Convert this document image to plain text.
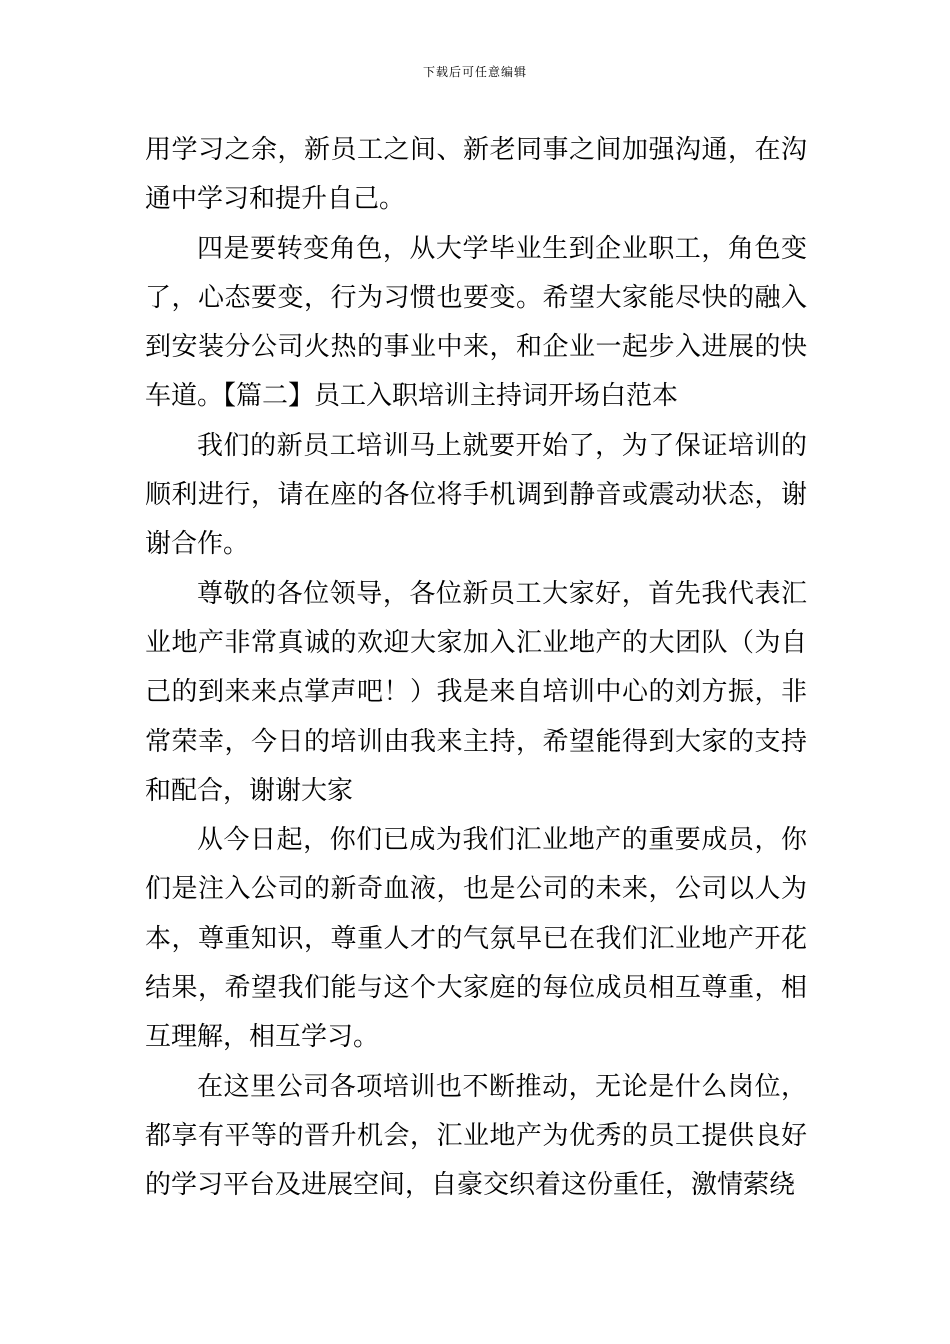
下载后可任意编辑

用学习之余，新员工之间、新老同事之间加强沟通，在沟通中学习和提升自己。

四是要转变角色，从大学毕业生到企业职工，角色变了，心态要变，行为习惯也要变。希望大家能尽快的融入到安装分公司火热的事业中来，和企业一起步入进展的快车道。【篇二】员工入职培训主持词开场白范本

我们的新员工培训马上就要开始了，为了保证培训的顺利进行，请在座的各位将手机调到静音或震动状态，谢谢合作。

尊敬的各位领导，各位新员工大家好，首先我代表汇业地产非常真诚的欢迎大家加入汇业地产的大团队（为自己的到来来点掌声吧！）我是来自培训中心的刘方振，非常荣幸，今日的培训由我来主持，希望能得到大家的支持和配合，谢谢大家

从今日起，你们已成为我们汇业地产的重要成员，你们是注入公司的新奇血液，也是公司的未来，公司以人为本，尊重知识，尊重人才的气氛早已在我们汇业地产开花结果，希望我们能与这个大家庭的每位成员相互尊重，相互理解，相互学习。

在这里公司各项培训也不断推动，无论是什么岗位，都享有平等的晋升机会，汇业地产为优秀的员工提供良好的学习平台及进展空间，自豪交织着这份重任，激情萦绕
